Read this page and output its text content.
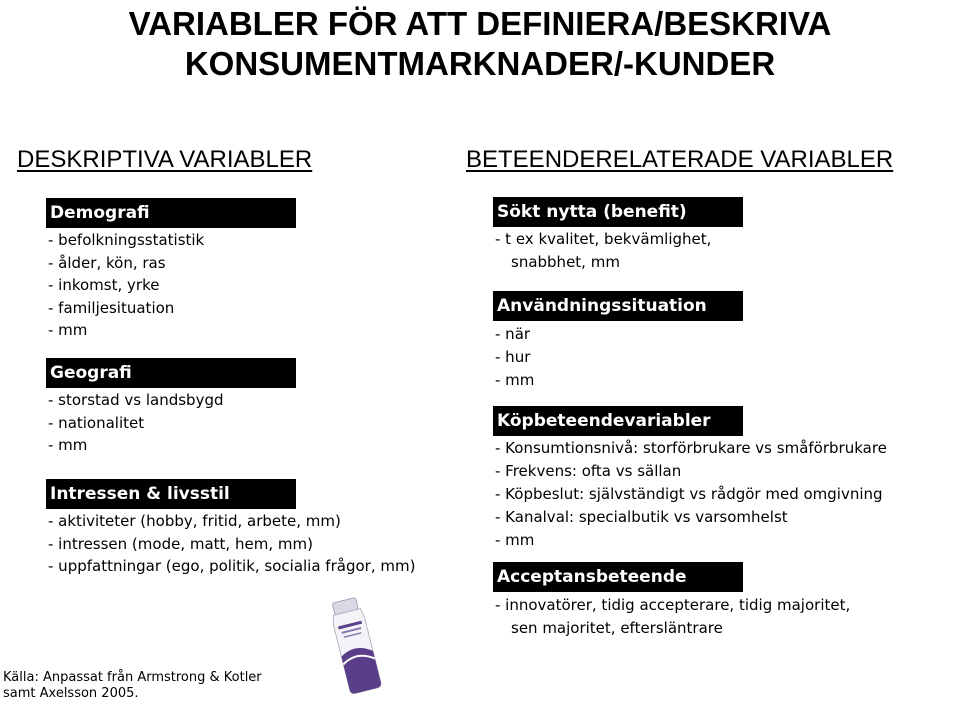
VARIABLER FÖR ATT DEFINIERA/BESKRIVA
KONSUMENTMARKNADER/-KUNDER
DESKRIPTIVA VARIABLER	BETEENDERELATERADE VARIABLER
Demografi
- befolkningsstatistik
- ålder, kön, ras
- inkomst, yrke
- familjesituation
- mm
Geografi
- storstad vs landsbygd
- nationalitet
- mm
Intressen & livsstil
- aktiviteter (hobby, fritid, arbete, mm)
- intressen (mode, matt, hem, mm)
- uppfattningar (ego, politik, socialia frågor, mm)
Sökt nytta (benefit)
- t ex kvalitet, bekvämlighet,
snabbhet, mm
Användningssituation
- när
- hur
- mm
Köpbeteendevariabler
- Konsumtionsnivå: storförbrukare vs småförbrukare
- Frekvens: ofta vs sällan
- Köpbeslut: självständigt vs rådgör med omgivning
- Kanalval: specialbutik vs varsomhelst
- mm
Acceptansbeteende
- innovatörer, tidig accepterare, tidig majoritet,
sen majoritet, eftersläntrare
Källa: Anpassat från Armstrong & Kotler
samt Axelsson 2005.
